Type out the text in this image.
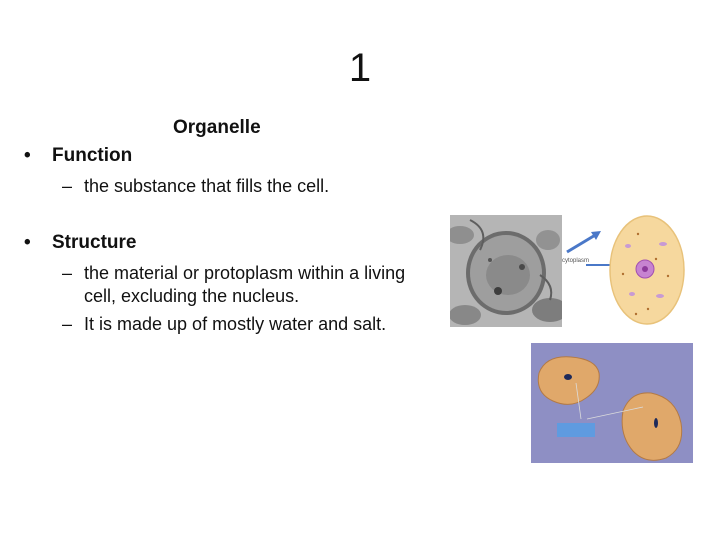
1
Organelle
• Function
– the substance that fills the cell.
• Structure
– the material or protoplasm within a living cell, excluding the nucleus.
– It is made up of mostly water and salt.
cytoplasm
